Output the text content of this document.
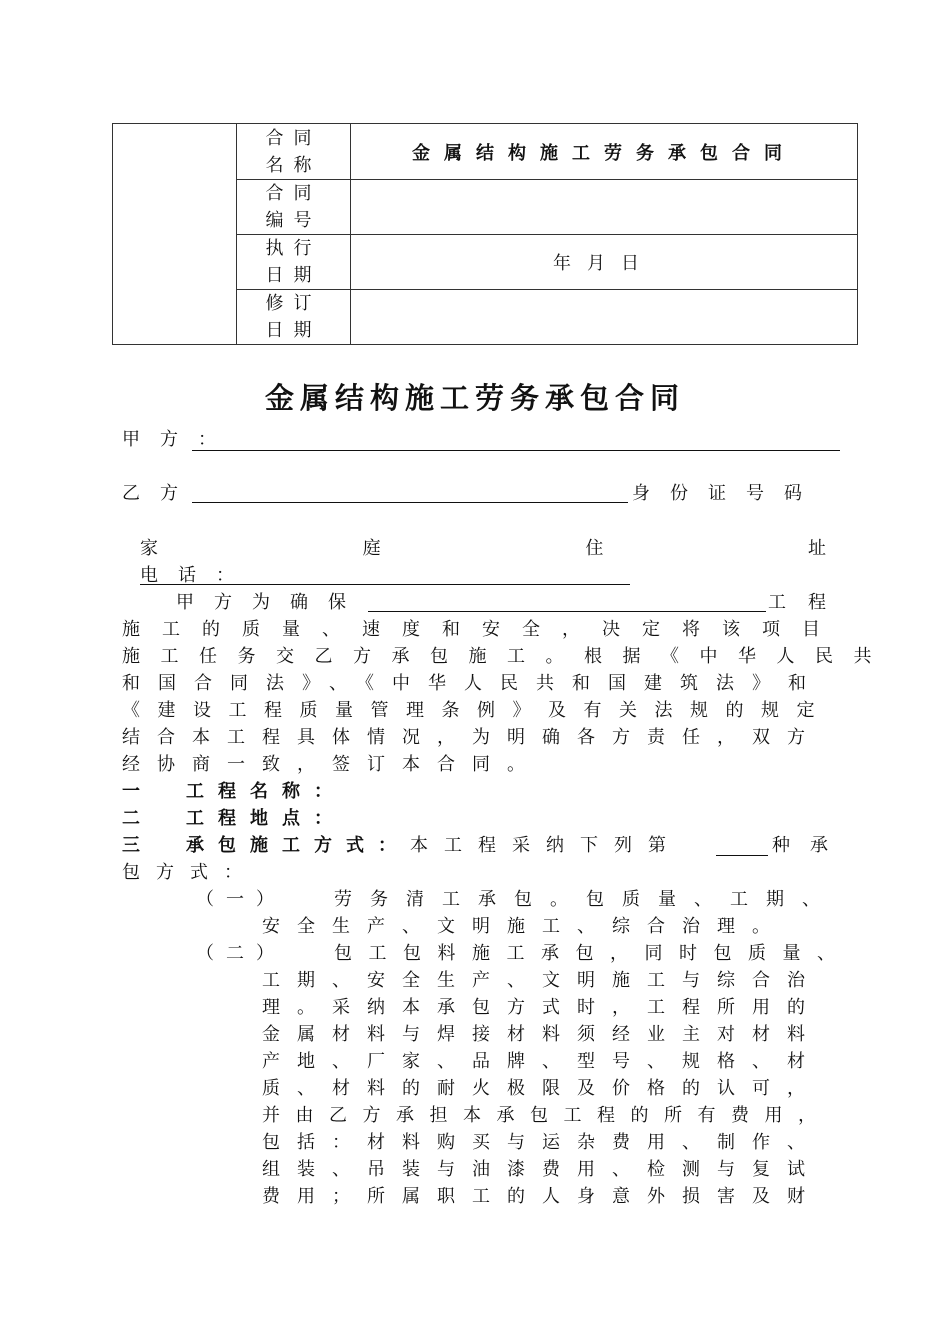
	合同
名称	金属结构施工劳务承包合同

	合同
编号	

	执行
日期	年月日

	修订
日期	

金属结构施工劳务承包合同
甲方：
乙方	身份证号码
家	庭	住	址
电话：
甲方为确保	工 程
施工的质量、速度和安全，决定将该项目
施工任务交乙方承包施工。根据《中华人民共
和国合同法》、《中华人民共和国建筑法》和
《建设工程质量管理条例》及有关法规的规定
结合本工程具体情况，为明确各方责任，双方
经协商一致，签订本合同。
一　工程名称：
二　工程地点：
三　承包施工方式：本工程采纳下列第	种承
包方式：
（一）	劳务清工承包。包质量、工期、
安全生产、文明施工、综合治理。
（二）	包工包料施工承包，同时包质量、
工期、安全生产、文明施工与综合治
理。采纳本承包方式时，工程所用的
金属材料与焊接材料须经业主对材料
产地、厂家、品牌、型号、规格、材
质、材料的耐火极限及价格的认可，
并由乙方承担本承包工程的所有费用，
包括：材料购买与运杂费用、制作、
组装、吊装与油漆费用、检测与复试
费用；所属职工的人身意外损害及财
